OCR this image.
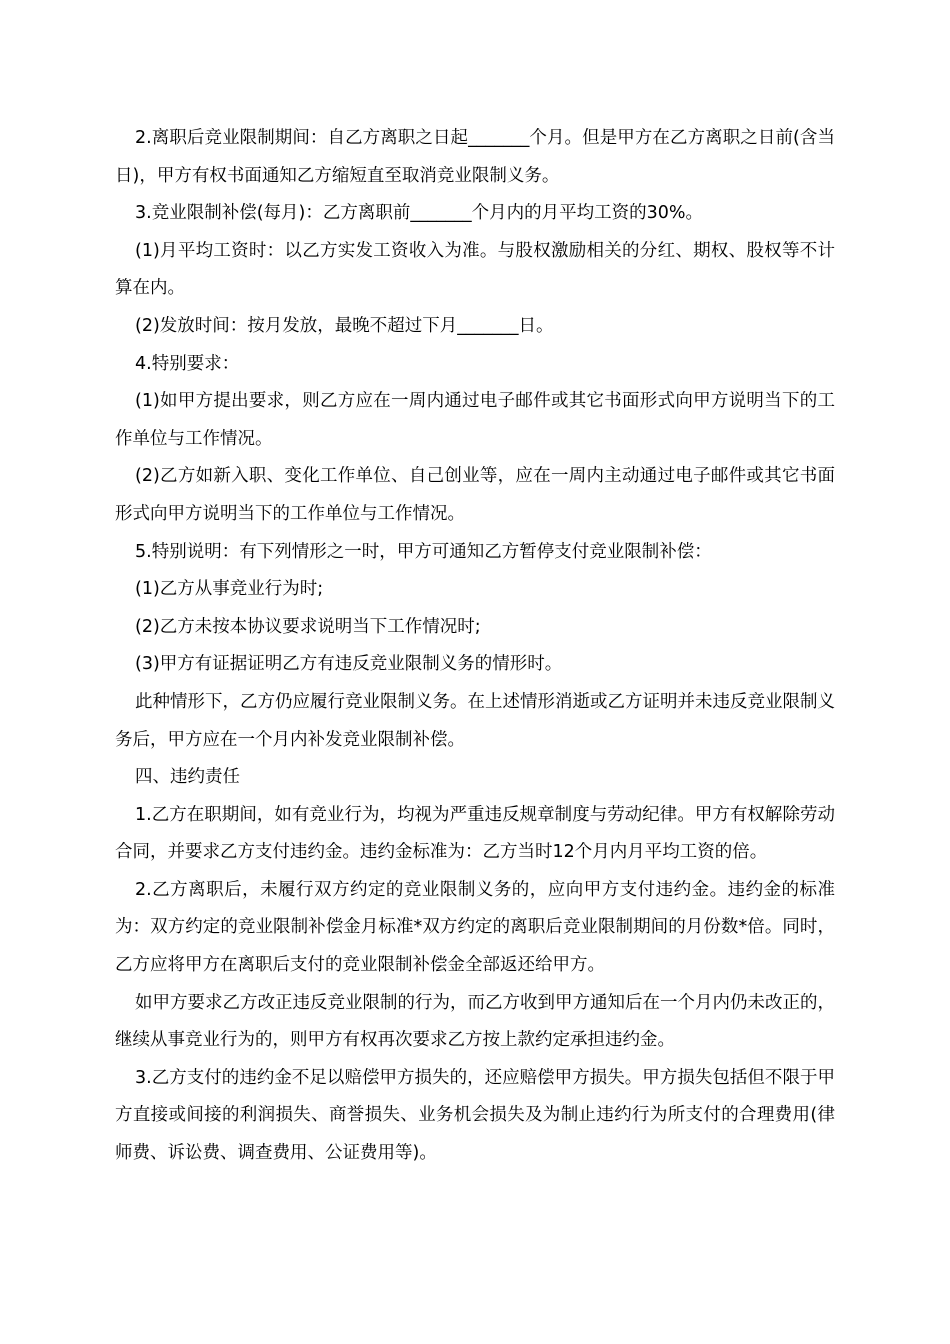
2.离职后竞业限制期间：自乙方离职之日起_______个月。但是甲方在乙方离职之日前(含当日)，甲方有权书面通知乙方缩短直至取消竞业限制义务。

3.竞业限制补偿(每月)：乙方离职前_______个月内的月平均工资的30%。

(1)月平均工资时：以乙方实发工资收入为准。与股权激励相关的分红、期权、股权等不计算在内。

(2)发放时间：按月发放，最晚不超过下月_______日。

4.特别要求：

(1)如甲方提出要求，则乙方应在一周内通过电子邮件或其它书面形式向甲方说明当下的工作单位与工作情况。

(2)乙方如新入职、变化工作单位、自己创业等，应在一周内主动通过电子邮件或其它书面形式向甲方说明当下的工作单位与工作情况。

5.特别说明：有下列情形之一时，甲方可通知乙方暂停支付竞业限制补偿：

(1)乙方从事竞业行为时;

(2)乙方未按本协议要求说明当下工作情况时;

(3)甲方有证据证明乙方有违反竞业限制义务的情形时。

此种情形下，乙方仍应履行竞业限制义务。在上述情形消逝或乙方证明并未违反竞业限制义务后，甲方应在一个月内补发竞业限制补偿。

四、违约责任

1.乙方在职期间，如有竞业行为，均视为严重违反规章制度与劳动纪律。甲方有权解除劳动合同，并要求乙方支付违约金。违约金标准为：乙方当时12个月内月平均工资的倍。

2.乙方离职后，未履行双方约定的竞业限制义务的，应向甲方支付违约金。违约金的标准为：双方约定的竞业限制补偿金月标准*双方约定的离职后竞业限制期间的月份数*倍。同时，乙方应将甲方在离职后支付的竞业限制补偿金全部返还给甲方。

如甲方要求乙方改正违反竞业限制的行为，而乙方收到甲方通知后在一个月内仍未改正的，继续从事竞业行为的，则甲方有权再次要求乙方按上款约定承担违约金。

3.乙方支付的违约金不足以赔偿甲方损失的，还应赔偿甲方损失。甲方损失包括但不限于甲方直接或间接的利润损失、商誉损失、业务机会损失及为制止违约行为所支付的合理费用(律师费、诉讼费、调查费用、公证费用等)。
